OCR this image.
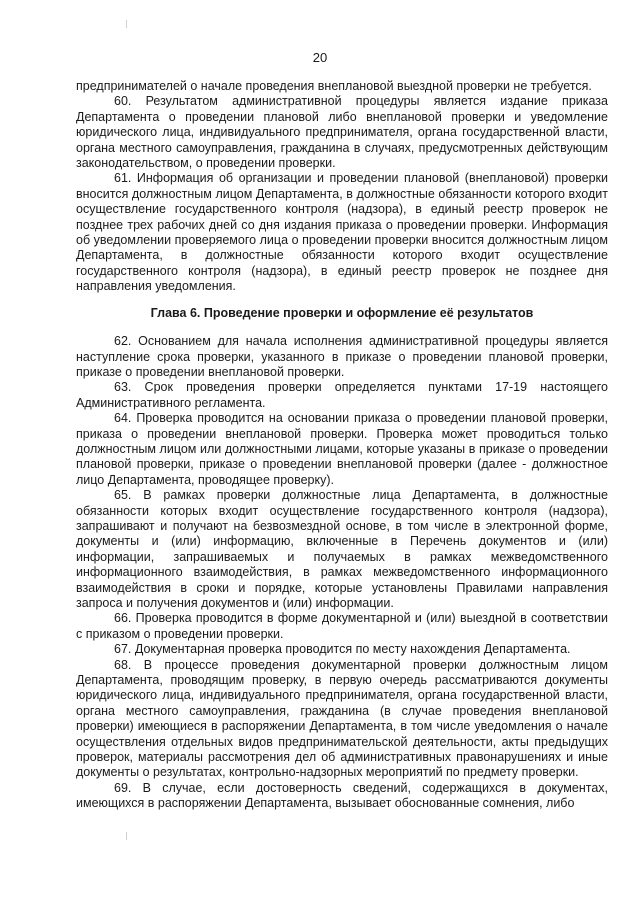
20

предпринимателей о начале проведения внеплановой выездной проверки не требуется.

60. Результатом административной процедуры является издание приказа Департамента о проведении плановой либо внеплановой проверки и уведомление юридического лица, индивидуального предпринимателя, органа государственной власти, органа местного самоуправления, гражданина в случаях, предусмотренных действующим законодательством, о проведении проверки.

61. Информация об организации и проведении плановой (внеплановой) проверки вносится должностным лицом Департамента, в должностные обязанности которого входит осуществление государственного контроля (надзора), в единый реестр проверок не позднее трех рабочих дней со дня издания приказа о проведении проверки. Информация об уведомлении проверяемого лица о проведении проверки вносится должностным лицом Департамента, в должностные обязанности которого входит осуществление государственного контроля (надзора), в единый реестр проверок не позднее дня направления уведомления.

Глава 6. Проведение проверки и оформление её результатов

62. Основанием для начала исполнения административной процедуры является наступление срока проверки, указанного в приказе о проведении плановой проверки, приказе о проведении внеплановой проверки.

63. Срок проведения проверки определяется пунктами 17-19 настоящего Административного регламента.

64. Проверка проводится на основании приказа о проведении плановой проверки, приказа о проведении внеплановой проверки. Проверка может проводиться только должностным лицом или должностными лицами, которые указаны в приказе о проведении плановой проверки, приказе о проведении внеплановой проверки (далее - должностное лицо Департамента, проводящее проверку).

65. В рамках проверки должностные лица Департамента, в должностные обязанности которых входит осуществление государственного контроля (надзора), запрашивают и получают на безвозмездной основе, в том числе в электронной форме, документы и (или) информацию, включенные в Перечень документов и (или) информации, запрашиваемых и получаемых в рамках межведомственного информационного взаимодействия, в рамках межведомственного информационного взаимодействия в сроки и порядке, которые установлены Правилами направления запроса и получения документов и (или) информации.

66. Проверка проводится в форме документарной и (или) выездной в соответствии с приказом о проведении проверки.

67. Документарная проверка проводится по месту нахождения Департамента.

68. В процессе проведения документарной проверки должностным лицом Департамента, проводящим проверку, в первую очередь рассматриваются документы юридического лица, индивидуального предпринимателя, органа государственной власти, органа местного самоуправления, гражданина (в случае проведения внеплановой проверки) имеющиеся в распоряжении Департамента, в том числе уведомления о начале осуществления отдельных видов предпринимательской деятельности, акты предыдущих проверок, материалы рассмотрения дел об административных правонарушениях и иные документы о результатах, контрольно-надзорных мероприятий по предмету проверки.

69. В случае, если достоверность сведений, содержащихся в документах, имеющихся в распоряжении Департамента, вызывает обоснованные сомнения, либо
